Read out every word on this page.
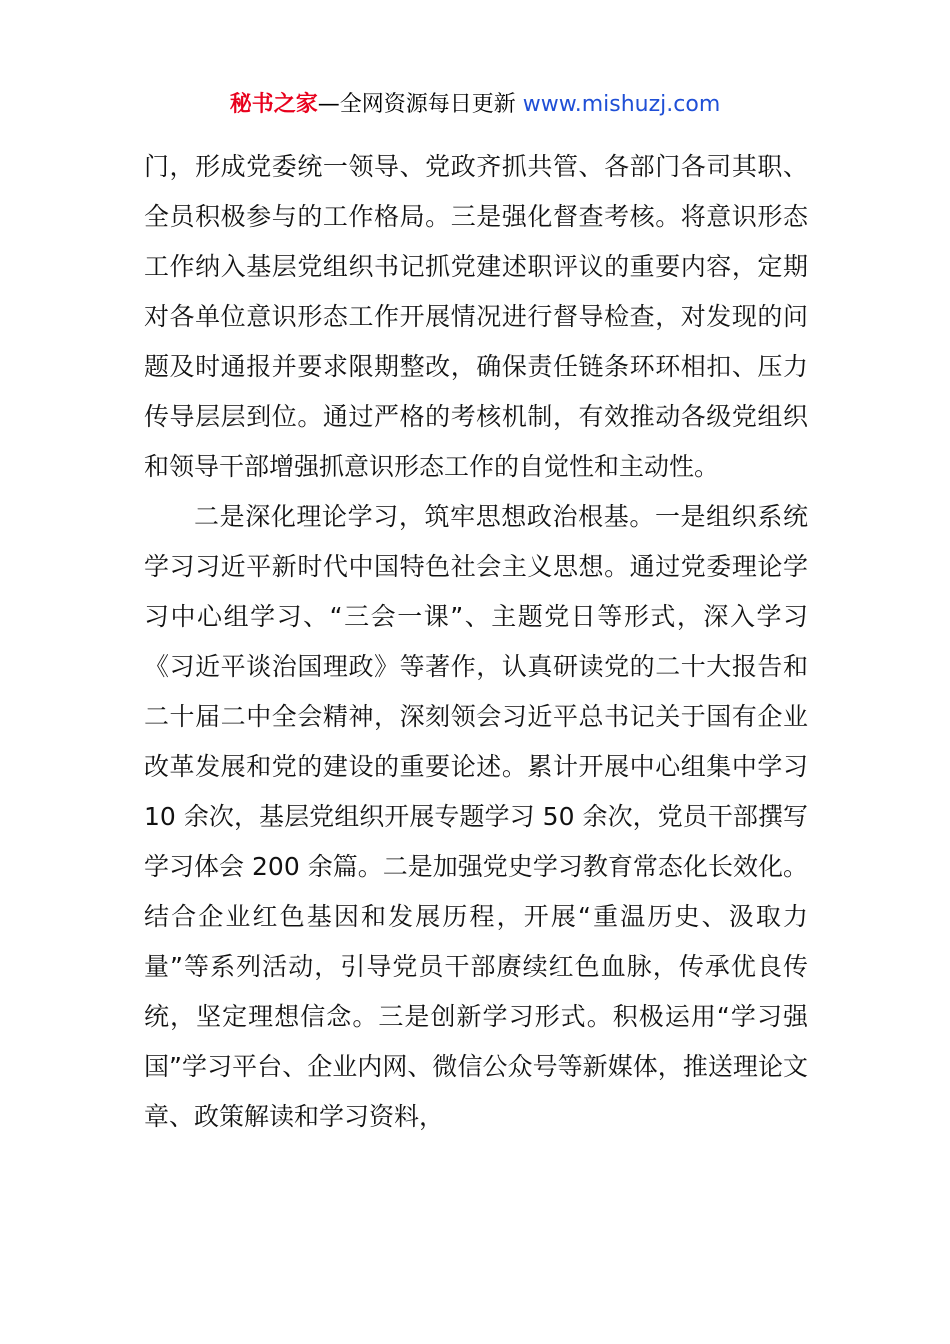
秘书之家—全网资源每日更新 www.mishuzj.com

门，形成党委统一领导、党政齐抓共管、各部门各司其职、全员积极参与的工作格局。三是强化督查考核。将意识形态工作纳入基层党组织书记抓党建述职评议的重要内容，定期对各单位意识形态工作开展情况进行督导检查，对发现的问题及时通报并要求限期整改，确保责任链条环环相扣、压力传导层层到位。通过严格的考核机制，有效推动各级党组织和领导干部增强抓意识形态工作的自觉性和主动性。

二是深化理论学习，筑牢思想政治根基。一是组织系统学习习近平新时代中国特色社会主义思想。通过党委理论学习中心组学习、“三会一课”、主题党日等形式，深入学习《习近平谈治国理政》等著作，认真研读党的二十大报告和二十届二中全会精神，深刻领会习近平总书记关于国有企业改革发展和党的建设的重要论述。累计开展中心组集中学习 10 余次，基层党组织开展专题学习 50 余次，党员干部撰写学习体会 200 余篇。二是加强党史学习教育常态化长效化。结合企业红色基因和发展历程，开展“重温历史、汲取力量”等系列活动，引导党员干部赓续红色血脉，传承优良传统，坚定理想信念。三是创新学习形式。积极运用“学习强国”学习平台、企业内网、微信公众号等新媒体，推送理论文章、政策解读和学习资料，
